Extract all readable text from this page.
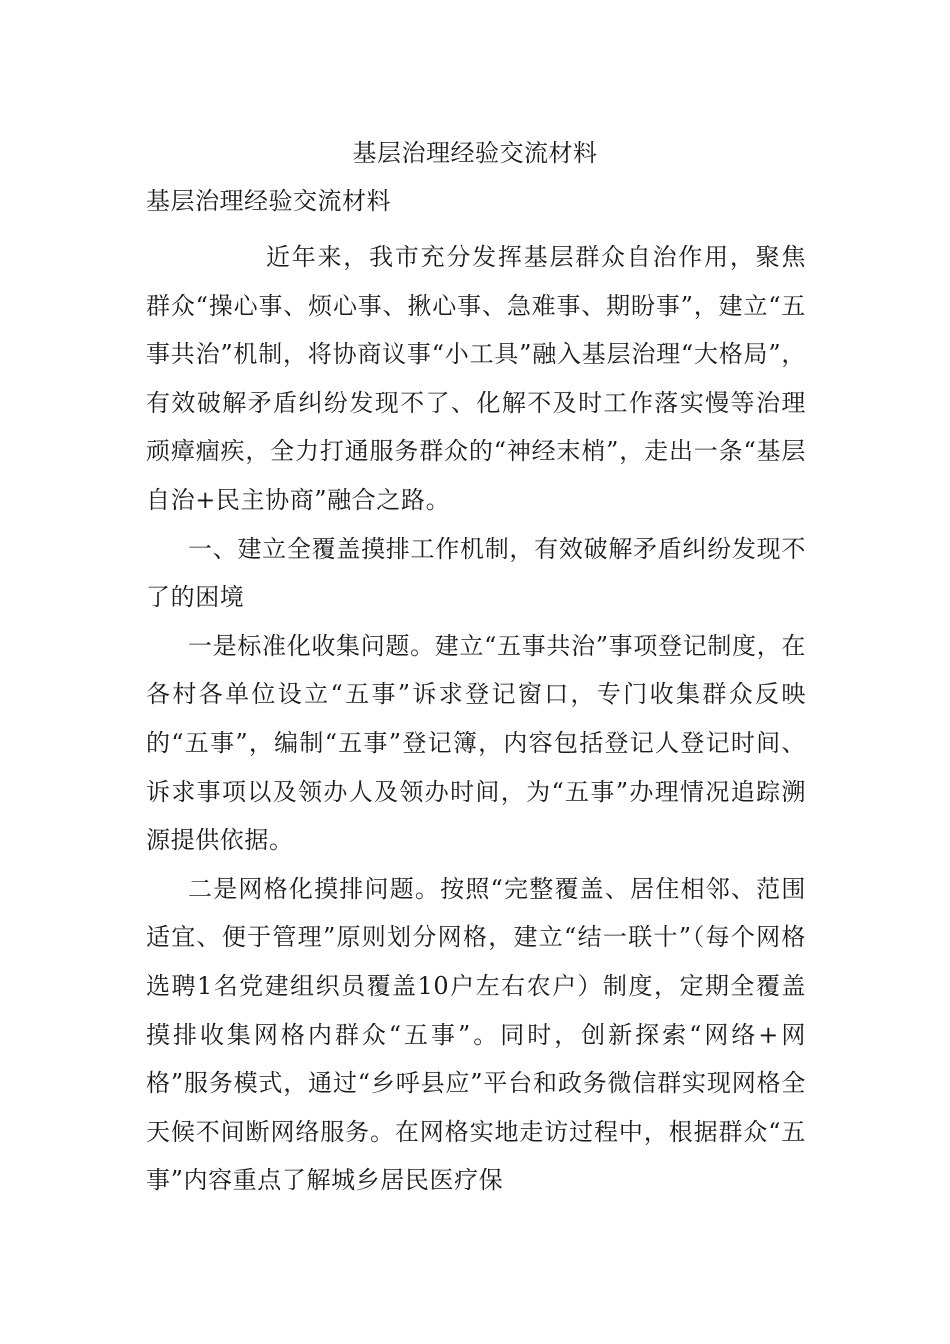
基层治理经验交流材料
基层治理经验交流材料

近年来，我市充分发挥基层群众自治作用，聚焦群众“操心事、烦心事、揪心事、急难事、期盼事”，建立“五事共治”机制，将协商议事“小工具”融入基层治理“大格局”，有效破解矛盾纠纷发现不了、化解不及时工作落实慢等治理顽瘴痼疾，全力打通服务群众的“神经末梢”，走出一条“基层自治+民主协商”融合之路。

一、建立全覆盖摸排工作机制，有效破解矛盾纠纷发现不了的困境

一是标准化收集问题。建立“五事共治”事项登记制度，在各村各单位设立“五事”诉求登记窗口，专门收集群众反映的“五事”，编制“五事”登记簿，内容包括登记人登记时间、诉求事项以及领办人及领办时间，为“五事”办理情况追踪溯源提供依据。

二是网格化摸排问题。按照“完整覆盖、居住相邻、范围适宜、便于管理”原则划分网格，建立“结一联十”（每个网格选聘1名党建组织员覆盖10户左右农户）制度，定期全覆盖摸排收集网格内群众“五事”。同时，创新探索“网络+网格”服务模式，通过“乡呼县应”平台和政务微信群实现网格全天候不间断网络服务。在网格实地走访过程中，根据群众“五事”内容重点了解城乡居民医疗保
